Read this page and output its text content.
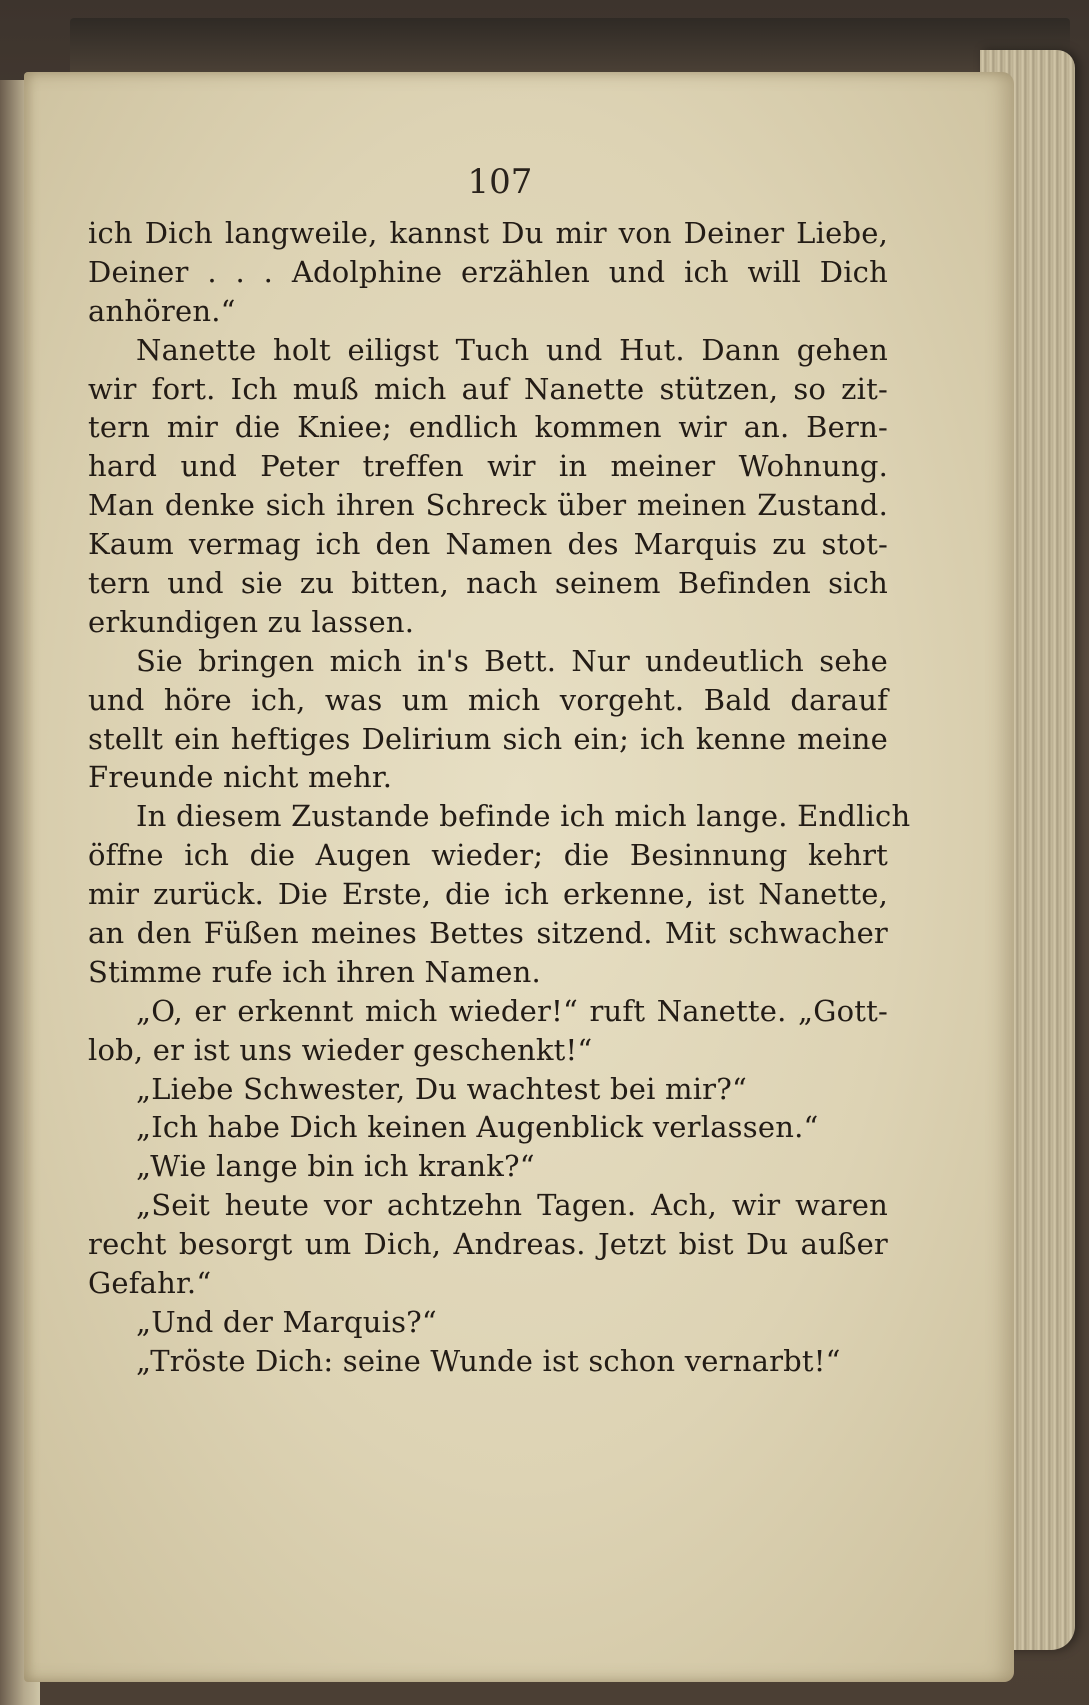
107
ich Dich langweile, kannst Du mir von Deiner Liebe,
Deiner . . . Adolphine erzählen und ich will Dich
anhören.“
Nanette holt eiligst Tuch und Hut. Dann gehen
wir fort. Ich muß mich auf Nanette stützen, so zit-
tern mir die Kniee; endlich kommen wir an. Bern-
hard und Peter treffen wir in meiner Wohnung.
Man denke sich ihren Schreck über meinen Zustand.
Kaum vermag ich den Namen des Marquis zu stot-
tern und sie zu bitten, nach seinem Befinden sich
erkundigen zu lassen.
Sie bringen mich in's Bett. Nur undeutlich sehe
und höre ich, was um mich vorgeht. Bald darauf
stellt ein heftiges Delirium sich ein; ich kenne meine
Freunde nicht mehr.
In diesem Zustande befinde ich mich lange. Endlich
öffne ich die Augen wieder; die Besinnung kehrt
mir zurück. Die Erste, die ich erkenne, ist Nanette,
an den Füßen meines Bettes sitzend. Mit schwacher
Stimme rufe ich ihren Namen.
„O, er erkennt mich wieder!“ ruft Nanette. „Gott-
lob, er ist uns wieder geschenkt!“
„Liebe Schwester, Du wachtest bei mir?“
„Ich habe Dich keinen Augenblick verlassen.“
„Wie lange bin ich krank?“
„Seit heute vor achtzehn Tagen. Ach, wir waren
recht besorgt um Dich, Andreas. Jetzt bist Du außer
Gefahr.“
„Und der Marquis?“
„Tröste Dich: seine Wunde ist schon vernarbt!“
